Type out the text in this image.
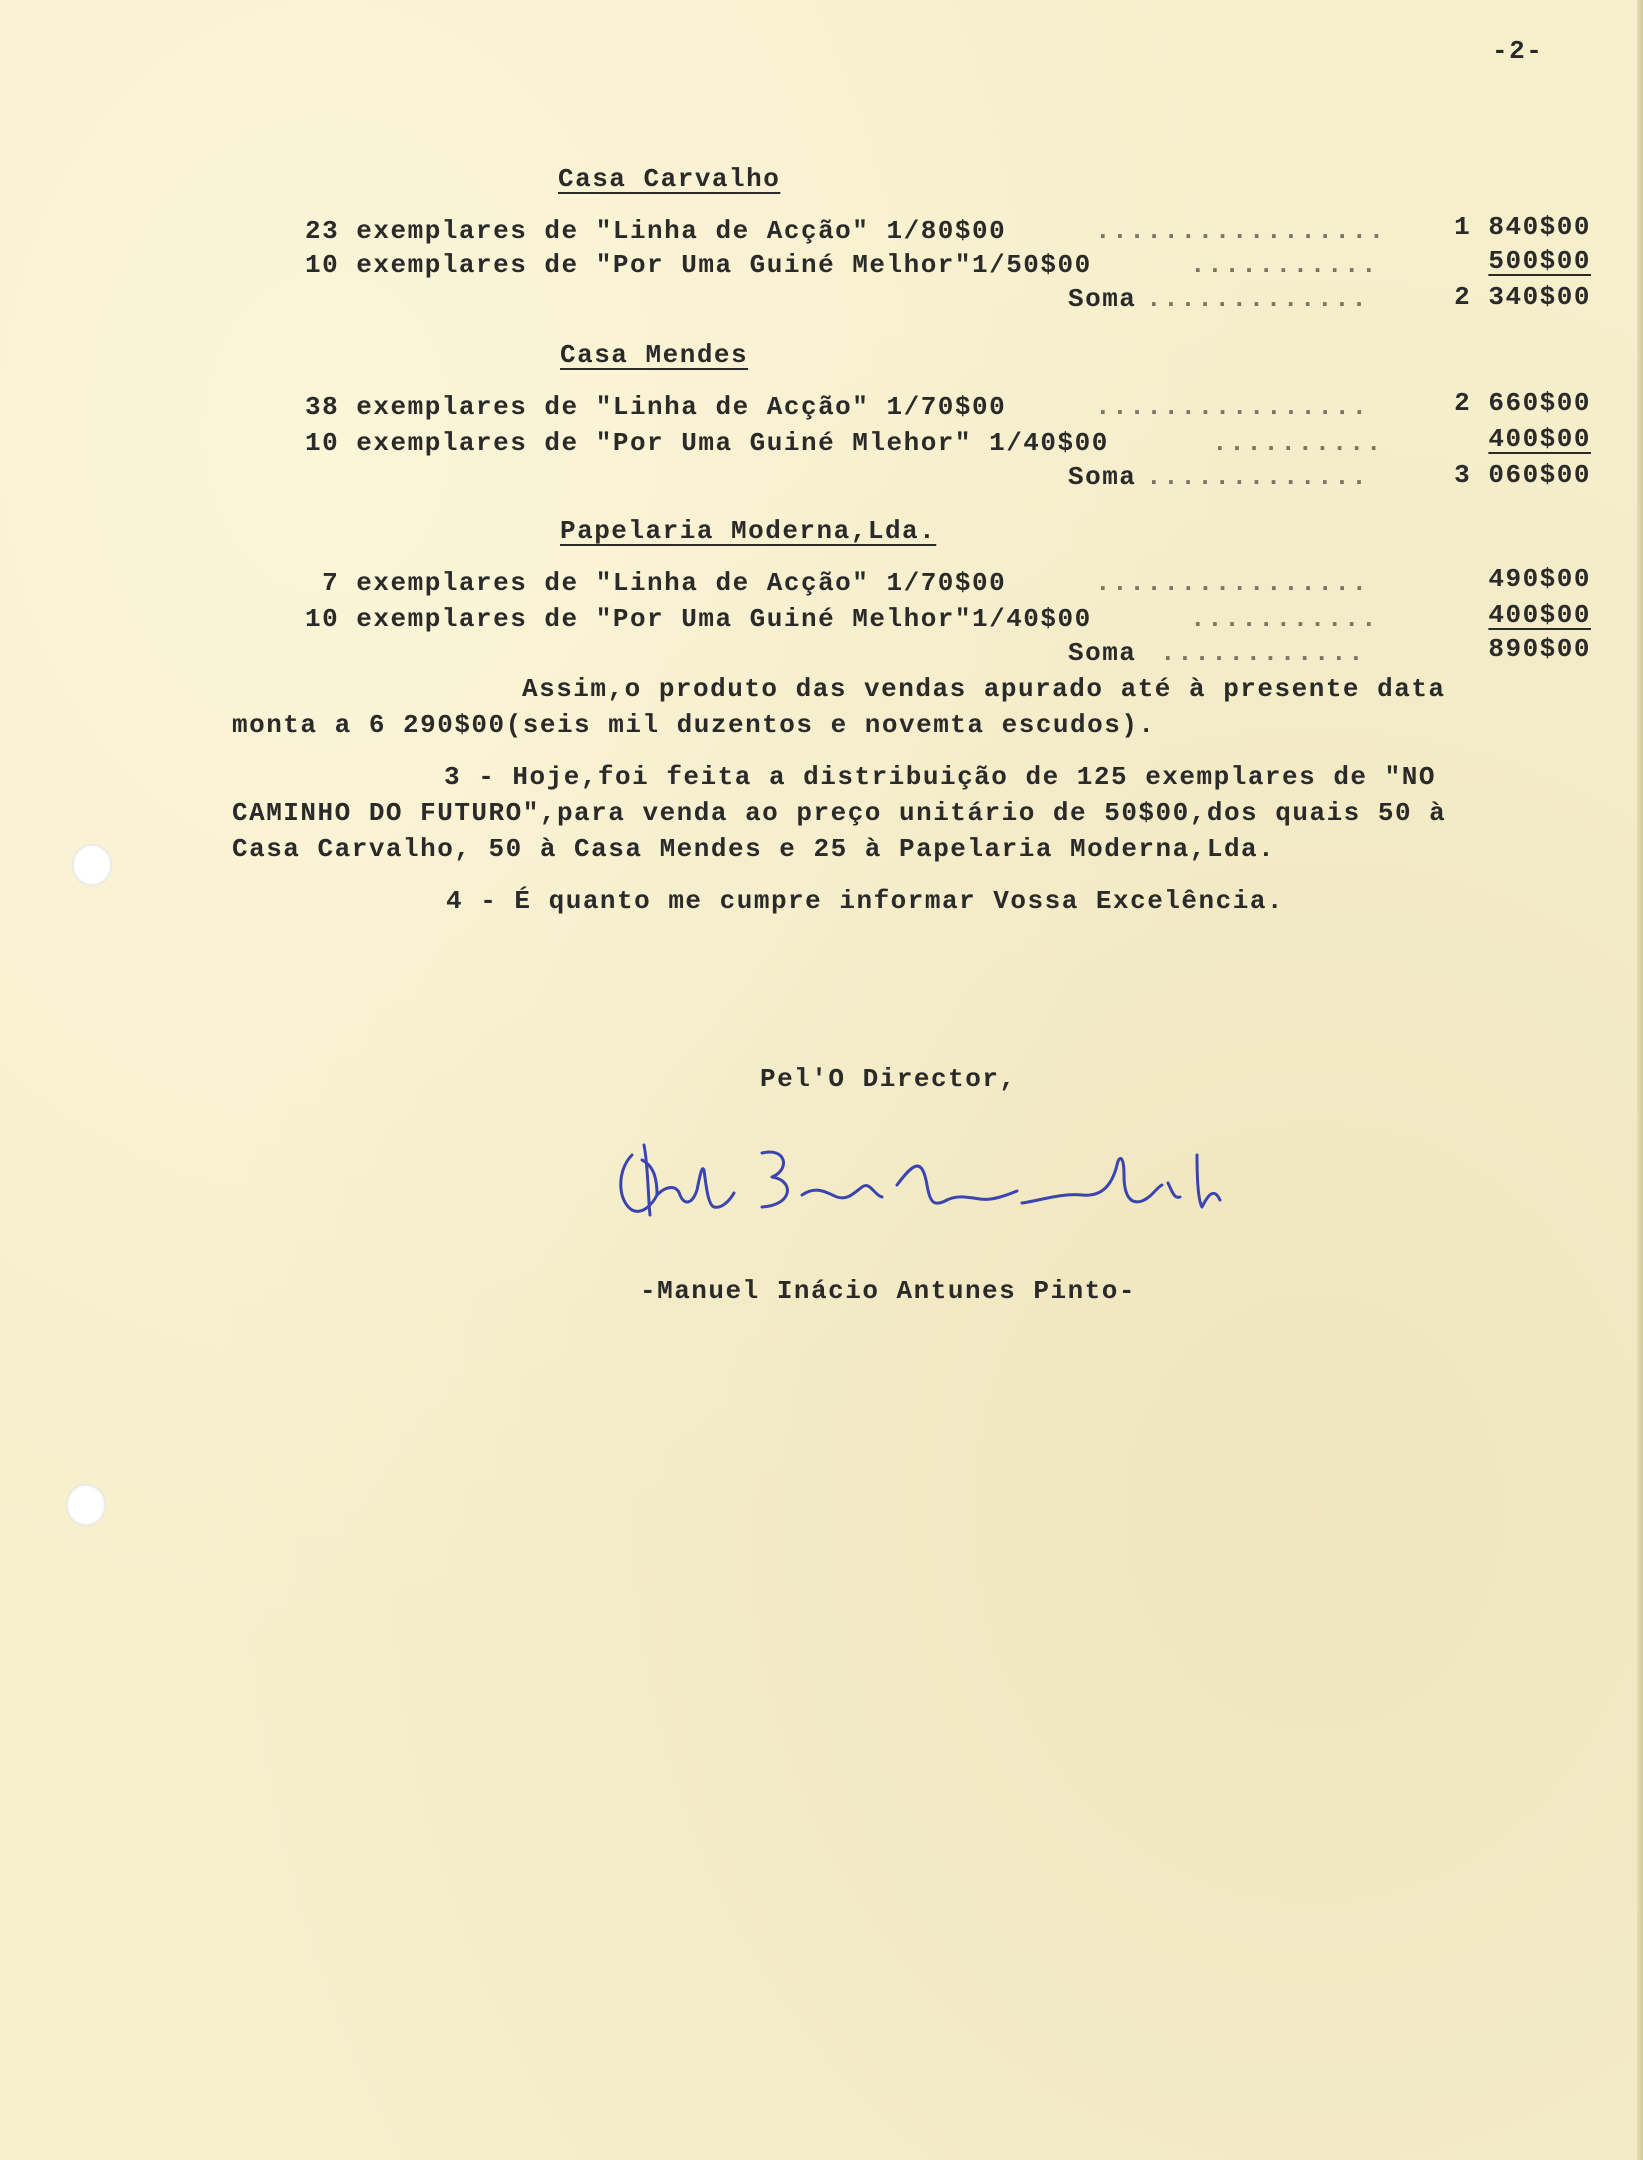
-2-
Casa Carvalho
23 exemplares de "Linha de Acção" 1/80$00	.................	1 840$00
10 exemplares de "Por Uma Guiné Melhor"1/50$00	...........	500$00
Soma .............	2 340$00
Casa Mendes
38 exemplares de "Linha de Acção" 1/70$00	................	2 660$00
10 exemplares de "Por Uma Guiné Mlehor" 1/40$00	..........	400$00
Soma .............	3 060$00
Papelaria Moderna,Lda.
7 exemplares de "Linha de Acção" 1/70$00	................	490$00
10 exemplares de "Por Uma Guiné Melhor"1/40$00	...........	400$00
Soma ............	890$00
Assim,o produto das vendas apurado até à presente data
monta a 6 290$00(seis mil duzentos e novemta escudos).
3 - Hoje,foi feita a distribuição de 125 exemplares de "NO
CAMINHO DO FUTURO",para venda ao preço unitário de 50$00,dos quais 50 à
Casa Carvalho, 50 à Casa Mendes e 25 à Papelaria Moderna,Lda.
4 - É quanto me cumpre informar Vossa Excelência.
Pel'O Director,
-Manuel Inácio Antunes Pinto-
